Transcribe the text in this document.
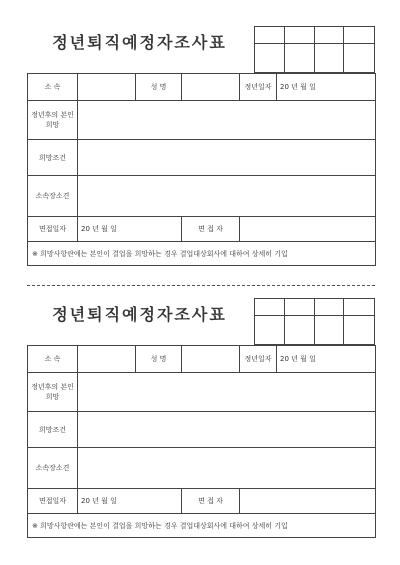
정년퇴직예정자조사표
소 속		성 명		정년일자	20 년 월 일
정년후의 본인희망					
희망조건					
소속장소견					
면접일자	20 년 월 일		면 접 자		
※ 희망사항란에는 본인이 결업을 희망하는 경우 결업대상회사에 대하여 상세히 기입					
정년퇴직예정자조사표
소 속		성 명		정년일자	20 년 월 일
정년후의 본인희망					
희망조건					
소속장소견					
면접일자	20 년 월 일		면 접 자		
※ 희망사항란에는 본인이 결업을 희망하는 경우 결업대상회사에 대하여 상세히 기입					
